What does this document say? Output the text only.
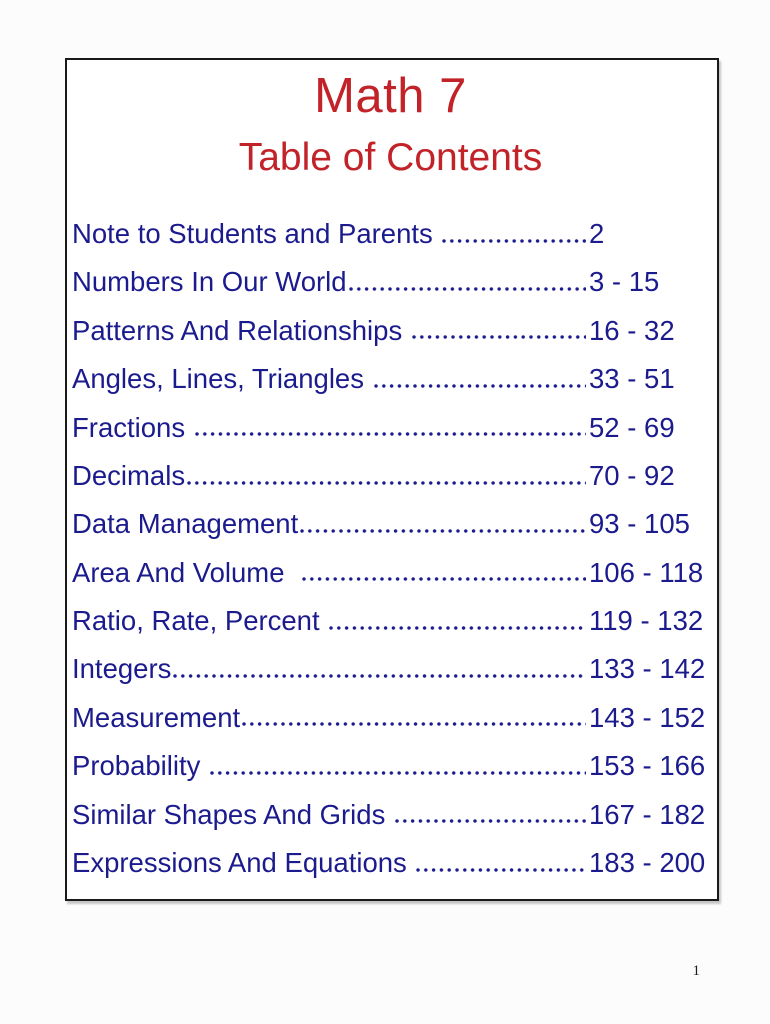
Math 7
Table of Contents
Note to Students and Parents	2
Numbers In Our World	3 - 15
Patterns And Relationships	16 - 32
Angles, Lines, Triangles	33 - 51
Fractions	52 - 69
Decimals	70 - 92
Data Management	93 - 105
Area And Volume	106 - 118
Ratio, Rate, Percent	119 - 132
Integers	133 - 142
Measurement	143 - 152
Probability	153 - 166
Similar Shapes And Grids	167 - 182
Expressions And Equations	183 - 200
1
